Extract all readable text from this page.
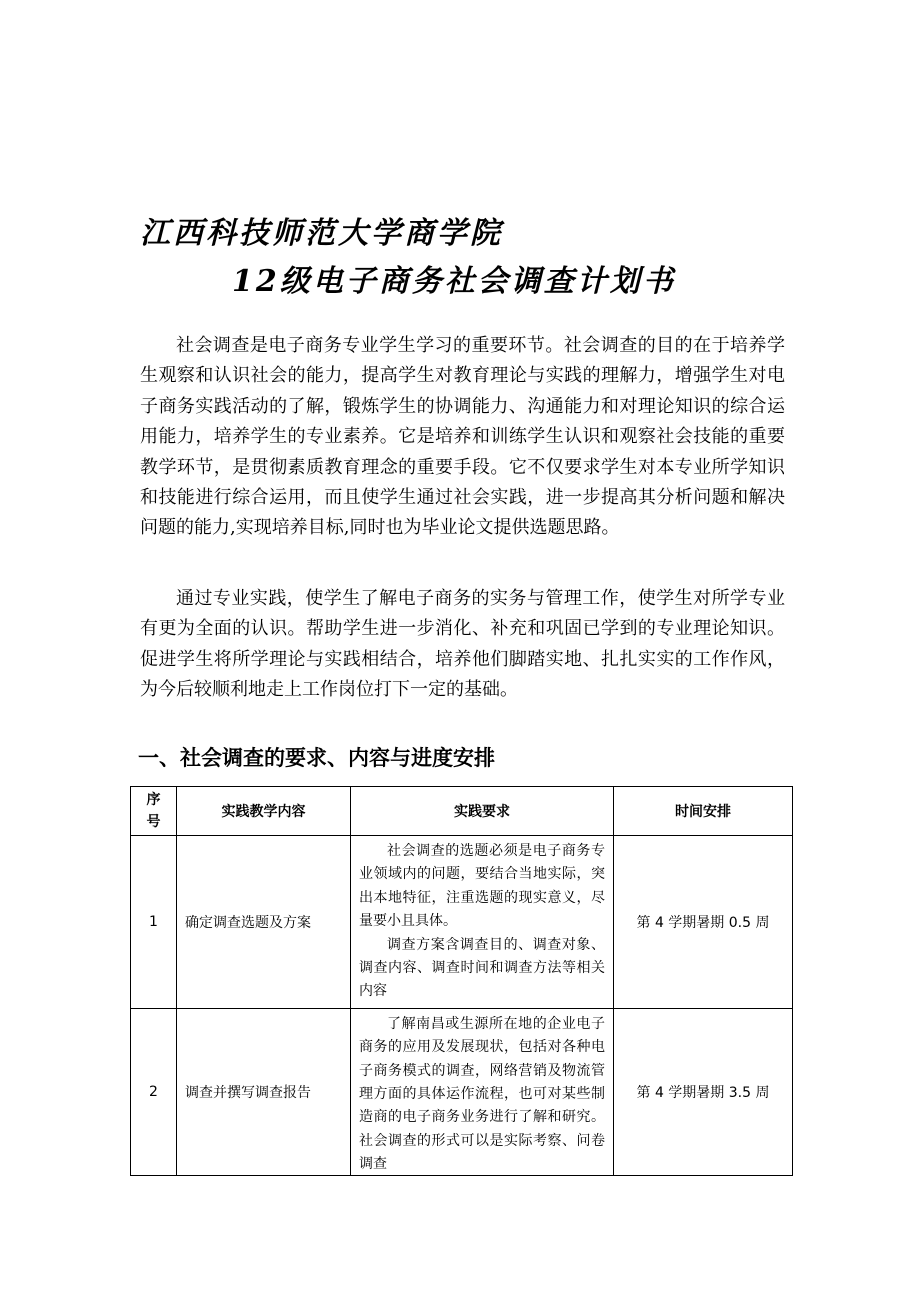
江西科技师范大学商学院
12级电子商务社会调查计划书

社会调查是电子商务专业学生学习的重要环节。社会调查的目的在于培养学生观察和认识社会的能力，提高学生对教育理论与实践的理解力，增强学生对电子商务实践活动的了解，锻炼学生的协调能力、沟通能力和对理论知识的综合运用能力，培养学生的专业素养。它是培养和训练学生认识和观察社会技能的重要教学环节，是贯彻素质教育理念的重要手段。它不仅要求学生对本专业所学知识和技能进行综合运用，而且使学生通过社会实践，进一步提高其分析问题和解决问题的能力,实现培养目标,同时也为毕业论文提供选题思路。

通过专业实践，使学生了解电子商务的实务与管理工作，使学生对所学专业有更为全面的认识。帮助学生进一步消化、补充和巩固已学到的专业理论知识。促进学生将所学理论与实践相结合，培养他们脚踏实地、扎扎实实的工作作风，为今后较顺利地走上工作岗位打下一定的基础。

一、社会调查的要求、内容与进度安排
序号	实践教学内容	实践要求	时间安排
1	确定调查选题及方案	社会调查的选题必须是电子商务专业领域内的问题，要结合当地实际，突出本地特征，注重选题的现实意义，尽量要小且具体。

调查方案含调查目的、调查对象、调查内容、调查时间和调查方法等相关内容	第 4 学期暑期 0.5 周
2	调查并撰写调查报告	了解南昌或生源所在地的企业电子商务的应用及发展现状，包括对各种电子商务模式的调查，网络营销及物流管理方面的具体运作流程，也可对某些制造商的电子商务业务进行了解和研究。社会调查的形式可以是实际考察、问卷调查	第 4 学期暑期 3.5 周
